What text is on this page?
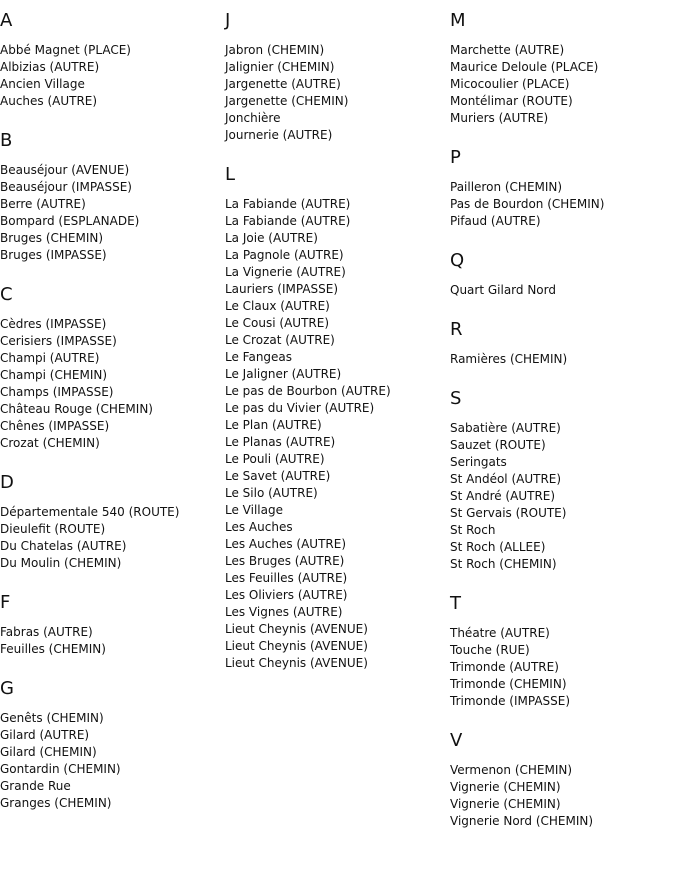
A
Abbé Magnet (PLACE)
Albizias (AUTRE)
Ancien Village
Auches (AUTRE)
B
Beauséjour (AVENUE)
Beauséjour (IMPASSE)
Berre (AUTRE)
Bompard (ESPLANADE)
Bruges (CHEMIN)
Bruges (IMPASSE)
C
Cèdres (IMPASSE)
Cerisiers (IMPASSE)
Champi (AUTRE)
Champi (CHEMIN)
Champs (IMPASSE)
Château Rouge (CHEMIN)
Chênes (IMPASSE)
Crozat (CHEMIN)
D
Départementale 540 (ROUTE)
Dieulefit (ROUTE)
Du Chatelas (AUTRE)
Du Moulin (CHEMIN)
F
Fabras (AUTRE)
Feuilles (CHEMIN)
G
Genêts (CHEMIN)
Gilard (AUTRE)
Gilard (CHEMIN)
Gontardin (CHEMIN)
Grande Rue
Granges (CHEMIN)
J
Jabron (CHEMIN)
Jalignier (CHEMIN)
Jargenette (AUTRE)
Jargenette (CHEMIN)
Jonchière
Journerie (AUTRE)
L
La Fabiande (AUTRE)
La Fabiande (AUTRE)
La Joie (AUTRE)
La Pagnole (AUTRE)
La Vignerie (AUTRE)
Lauriers (IMPASSE)
Le Claux (AUTRE)
Le Cousi (AUTRE)
Le Crozat (AUTRE)
Le Fangeas
Le Jaligner (AUTRE)
Le pas de Bourbon (AUTRE)
Le pas du Vivier (AUTRE)
Le Plan (AUTRE)
Le Planas (AUTRE)
Le Pouli (AUTRE)
Le Savet (AUTRE)
Le Silo (AUTRE)
Le Village
Les Auches
Les Auches (AUTRE)
Les Bruges (AUTRE)
Les Feuilles (AUTRE)
Les Oliviers (AUTRE)
Les Vignes (AUTRE)
Lieut Cheynis (AVENUE)
Lieut Cheynis (AVENUE)
Lieut Cheynis (AVENUE)
M
Marchette (AUTRE)
Maurice Deloule (PLACE)
Micocoulier (PLACE)
Montélimar (ROUTE)
Muriers (AUTRE)
P
Pailleron (CHEMIN)
Pas de Bourdon (CHEMIN)
Pifaud (AUTRE)
Q
Quart Gilard Nord
R
Ramières (CHEMIN)
S
Sabatière (AUTRE)
Sauzet (ROUTE)
Seringats
St Andéol (AUTRE)
St André (AUTRE)
St Gervais (ROUTE)
St Roch
St Roch (ALLEE)
St Roch (CHEMIN)
T
Théatre (AUTRE)
Touche (RUE)
Trimonde (AUTRE)
Trimonde (CHEMIN)
Trimonde (IMPASSE)
V
Vermenon (CHEMIN)
Vignerie (CHEMIN)
Vignerie (CHEMIN)
Vignerie Nord (CHEMIN)
